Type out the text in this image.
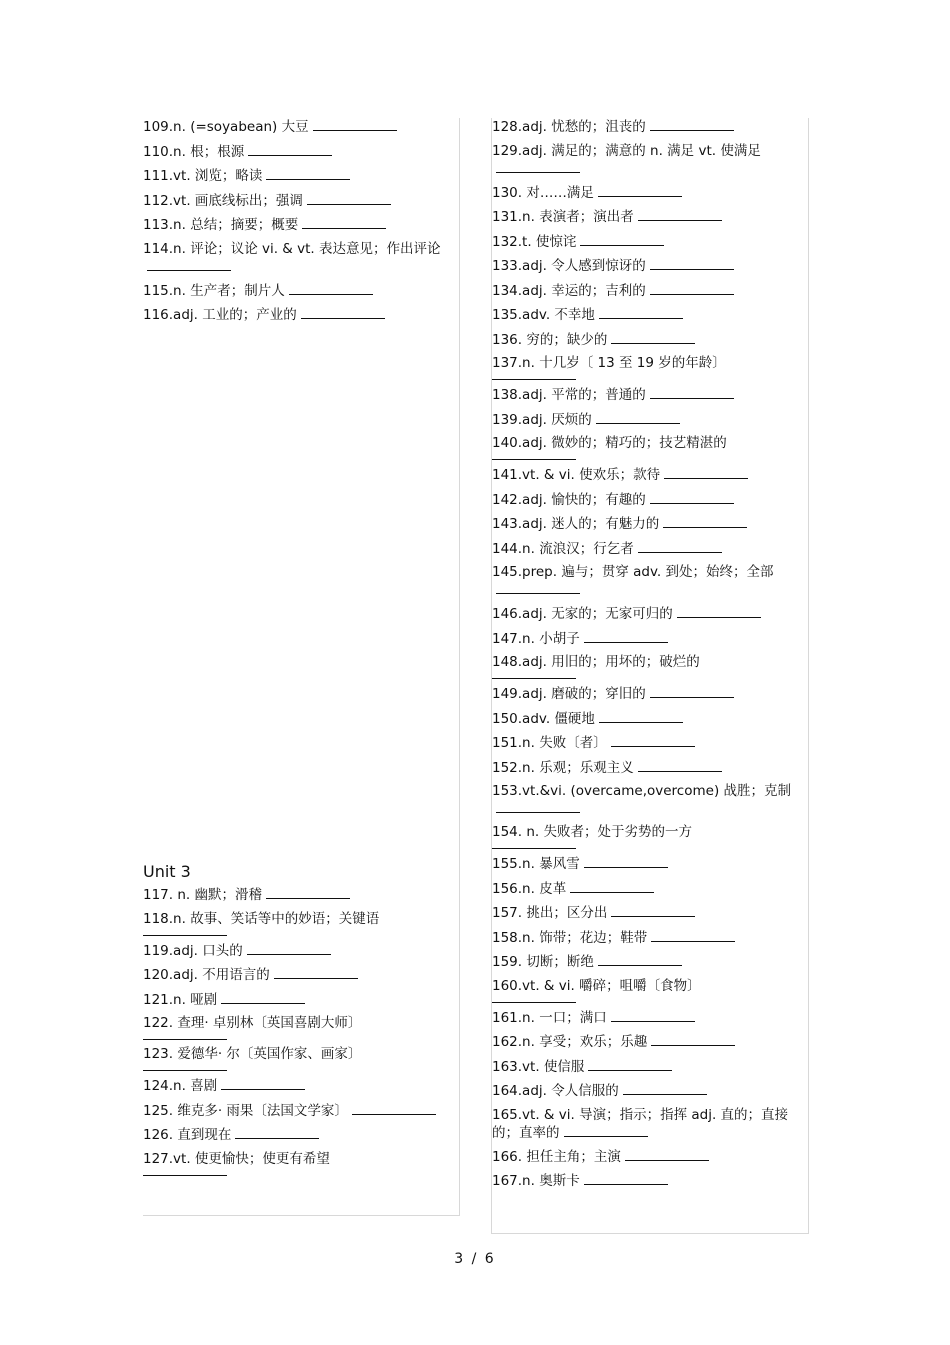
109.n. (=soyabean) 大豆
110.n. 根；根源
111.vt. 浏览；略读
112.vt. 画底线标出；强调
113.n. 总结；摘要；概要
114.n. 评论；议论 vi. & vt. 表达意见；作出评论
115.n. 生产者；制片人
116.adj. 工业的；产业的
Unit 3
117. n. 幽默；滑稽
118.n. 故事、笑话等中的妙语；关键语
119.adj. 口头的
120.adj. 不用语言的
121.n. 哑剧
122. 查理· 卓别林〔英国喜剧大师〕
123. 爱德华· 尔〔英国作家、画家〕
124.n. 喜剧
125. 维克多· 雨果〔法国文学家〕
126. 直到现在
127.vt. 使更愉快；使更有希望
128.adj. 忧愁的；沮丧的
129.adj. 满足的；满意的 n. 满足 vt. 使满足
130. 对……满足
131.n. 表演者；演出者
132.t. 使惊诧
133.adj. 令人感到惊讶的
134.adj. 幸运的；吉利的
135.adv. 不幸地
136. 穷的；缺少的
137.n. 十几岁〔 13 至 19 岁的年龄〕
138.adj. 平常的；普通的
139.adj. 厌烦的
140.adj. 微妙的；精巧的；技艺精湛的
141.vt. & vi. 使欢乐；款待
142.adj. 愉快的；有趣的
143.adj. 迷人的；有魅力的
144.n. 流浪汉；行乞者
145.prep. 遍与；贯穿 adv. 到处；始终；全部
146.adj. 无家的；无家可归的
147.n. 小胡子
148.adj. 用旧的；用坏的；破烂的
149.adj. 磨破的；穿旧的
150.adv. 僵硬地
151.n. 失败〔者〕
152.n. 乐观；乐观主义
153.vt.&vi. (overcame,overcome) 战胜；克制
154. n. 失败者；处于劣势的一方
155.n. 暴风雪
156.n. 皮革
157. 挑出；区分出
158.n. 饰带；花边；鞋带
159. 切断；断绝
160.vt. & vi. 嚼碎；咀嚼〔食物〕
161.n. 一口；满口
162.n. 享受；欢乐；乐趣
163.vt. 使信服
164.adj. 令人信服的
165.vt. & vi. 导演；指示；指挥 adj. 直的；直接的；直率的
166. 担任主角；主演
167.n. 奥斯卡
3 / 6
